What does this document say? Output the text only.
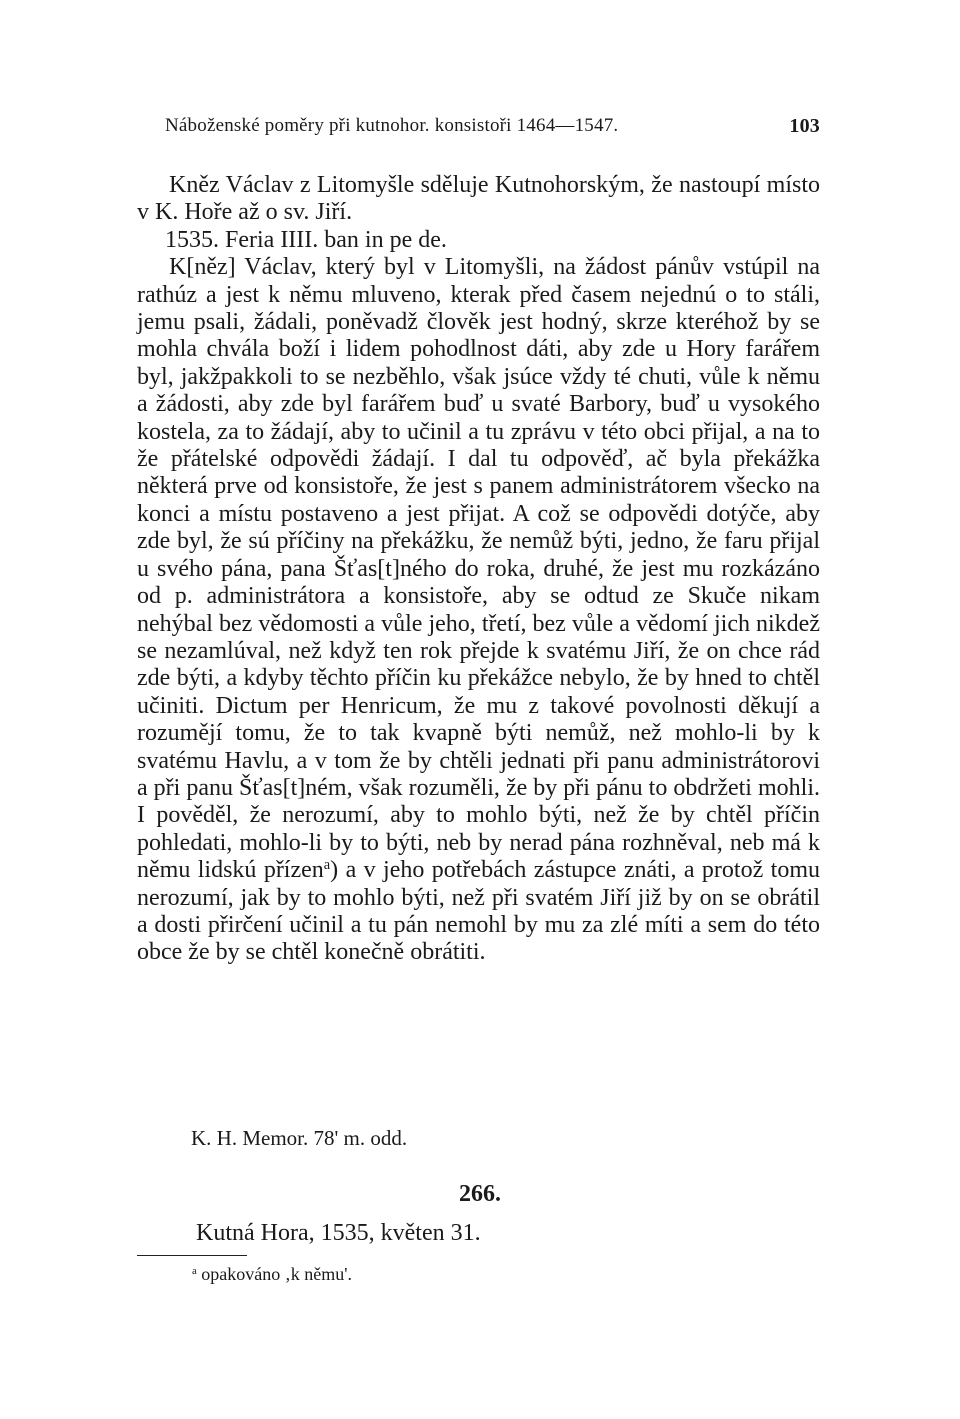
Náboženské poměry při kutnohor. konsistoři 1464—1547.	103

Kněz Václav z Litomyšle sděluje Kutnohorským, že nastoupí místo v K. Hoře až o sv. Jiří.

1535. Feria IIII. ban in pe de.

K[něz] Václav, který byl v Litomyšli, na žádost pánův vstúpil na rathúz a jest k němu mluveno, kterak před časem nejednú o to stáli, jemu psali, žádali, poněvadž člověk jest hodný, skrze kteréhož by se mohla chvála boží i lidem pohodlnost dáti, aby zde u Hory farářem byl, jakžpakkoli to se nezběhlo, však jsúce vždy té chuti, vůle k němu a žádosti, aby zde byl farářem buď u svaté Barbory, buď u vysokého kostela, za to žádají, aby to učinil a tu zprávu v této obci přijal, a na to že přátelské odpovědi žádají. I dal tu odpověď, ač byla překážka některá prve od konsistoře, že jest s panem administrátorem všecko na konci a místu postaveno a jest přijat. A což se odpovědi dotýče, aby zde byl, že sú příčiny na překážku, že nemůž býti, jedno, že faru přijal u svého pána, pana Šťas[t]ného do roka, druhé, že jest mu rozkázáno od p. administrátora a konsistoře, aby se odtud ze Skuče nikam nehýbal bez vědomosti a vůle jeho, třetí, bez vůle a vědomí jich nikdež se nezamlúval, než když ten rok přejde k svatému Jiří, že on chce rád zde býti, a kdyby těchto příčin ku překážce nebylo, že by hned to chtěl učiniti. Dictum per Henricum, že mu z takové povolnosti děkují a rozumějí tomu, že to tak kvapně býti nemůž, než mohlo-li by k svatému Havlu, a v tom že by chtěli jednati při panu administrátorovi a při panu Šťas[t]ném, však rozuměli, že by při pánu to obdržeti mohli. I pověděl, že nerozumí, aby to mohlo býti, než že by chtěl příčin pohledati, mohlo-li by to býti, neb by nerad pána rozhněval, neb má k němu lidskú přízen$^a$) a v jeho potřebách zástupce znáti, a protož tomu nerozumí, jak by to mohlo býti, než při svatém Jiří již by on se obrátil a dosti přirčení učinil a tu pán nemohl by mu za zlé míti a sem do této obce že by se chtěl konečně obrátiti.

K. H. Memor. 78' m. odd.
266.
Kutná Hora, 1535, květen 31.
$^a$ opakováno ‚k němu'.
